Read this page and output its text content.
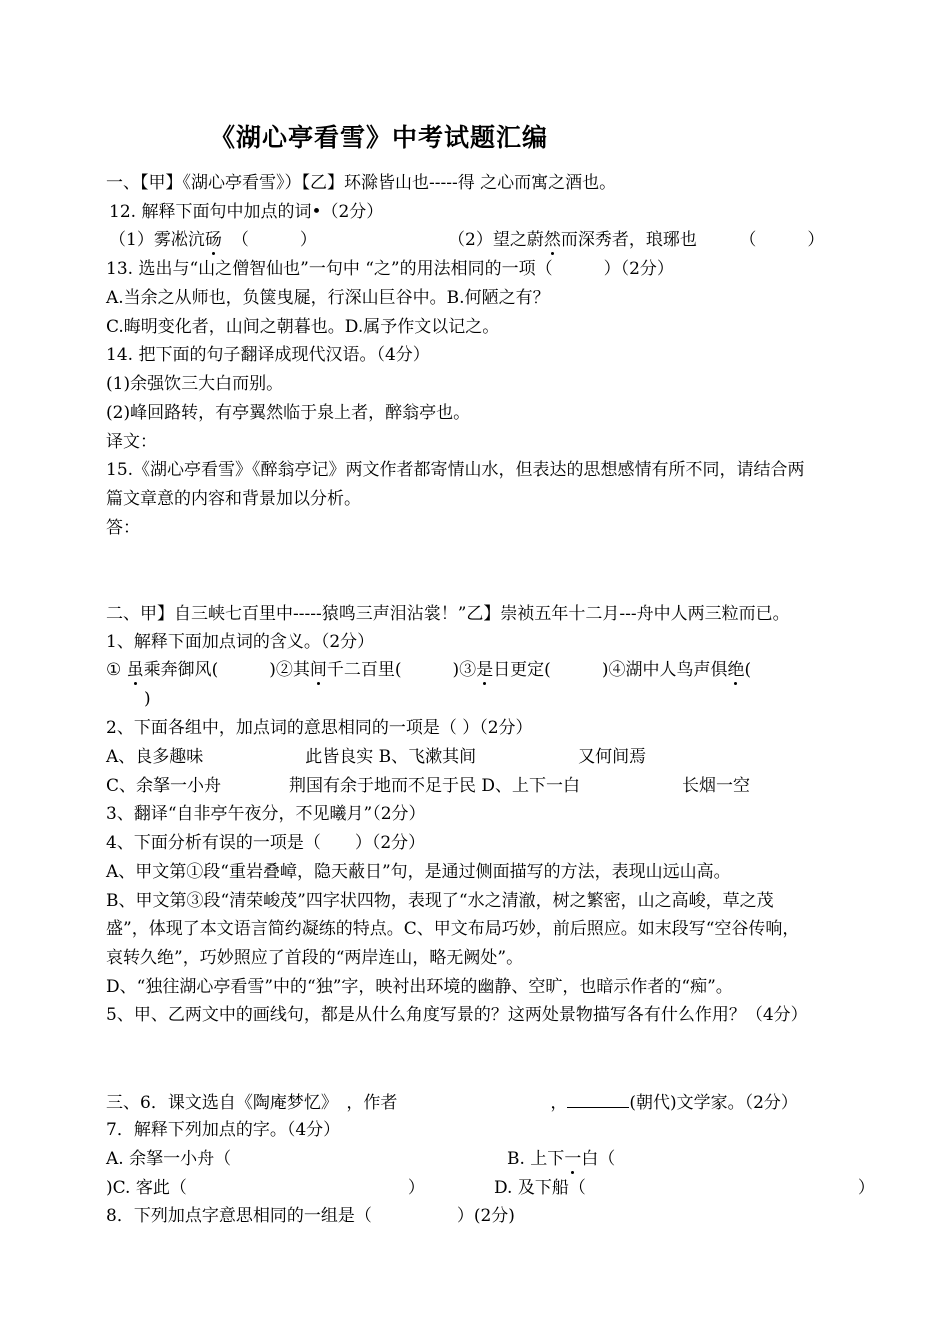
《湖心亭看雪》中考试题汇编
一、【甲】《湖心亭看雪》）【乙】环滁皆山也-----得 之心而寓之酒也。
12. 解释下面句中加点的词•（2分）
（1）雾凇沆砀 （　　　）	（2）望之蔚然而深秀者，琅琊也　　　（　　　）
13. 选出与“山之僧智仙也”一句中 “之”的用法相同的一项（　　　）（2分）
A.当余之从师也，负箧曳屣，行深山巨谷中。B.何陋之有？
C.晦明变化者，山间之朝暮也。D.属予作文以记之。
14. 把下面的句子翻译成现代汉语。（4分）
(1)余强饮三大白而别。
(2)峰回路转，有亭翼然临于泉上者，醉翁亭也。
译文：
15.《湖心亭看雪》《醉翁亭记》两文作者都寄情山水，但表达的思想感情有所不同，请结合两
篇文章意的内容和背景加以分析。
答：
二、甲】自三峡七百里中-----猿鸣三声泪沾裳！”乙】崇祯五年十二月---舟中人两三粒而已。
1、解释下面加点词的含义。（2分）
① 虽乘奔御风(　　　)②其间千二百里(　　　)③是日更定(　　　)④湖中人鸟声俱绝(
)
2、下面各组中，加点词的意思相同的一项是（ ）（2分）
A、良多趣味　　　　　　此皆良实 B、飞漱其间　　　　　　又何间焉
C、余拏一小舟　　　　荆国有余于地而不足于民 D、上下一白　　　　　　长烟一空
3、翻译“自非亭午夜分，不见曦月”（2分）
4、下面分析有误的一项是（　　）（2分）
A、甲文第①段“重岩叠嶂，隐天蔽日”句，是通过侧面描写的方法，表现山远山高。
B、甲文第③段“清荣峻茂”四字状四物，表现了“水之清澈，树之繁密，山之高峻，草之茂
盛”，体现了本文语言简约凝练的特点。C、甲文布局巧妙，前后照应。如末段写“空谷传响，
哀转久绝”，巧妙照应了首段的“两岸连山，略无阙处”。
D、“独往湖心亭看雪”中的“独”字，映衬出环境的幽静、空旷，也暗示作者的“痴”。
5、甲、乙两文中的画线句，都是从什么角度写景的？这两处景物描写各有什么作用？（4分）
三、6．课文选自《陶庵梦忆》　，作者　　　　　　　　　，	(朝代)文学家。（2分）
7．解释下列加点的字。（4分）
A. 余拏一小舟（	B. 上下一白（
)C. 客此（　　　　　　　　　　　　　）	D. 及下船（　　　　　　　　　　　　　　　　）
8．下列加点字意思相同的一组是（　　　　　）(2分)
